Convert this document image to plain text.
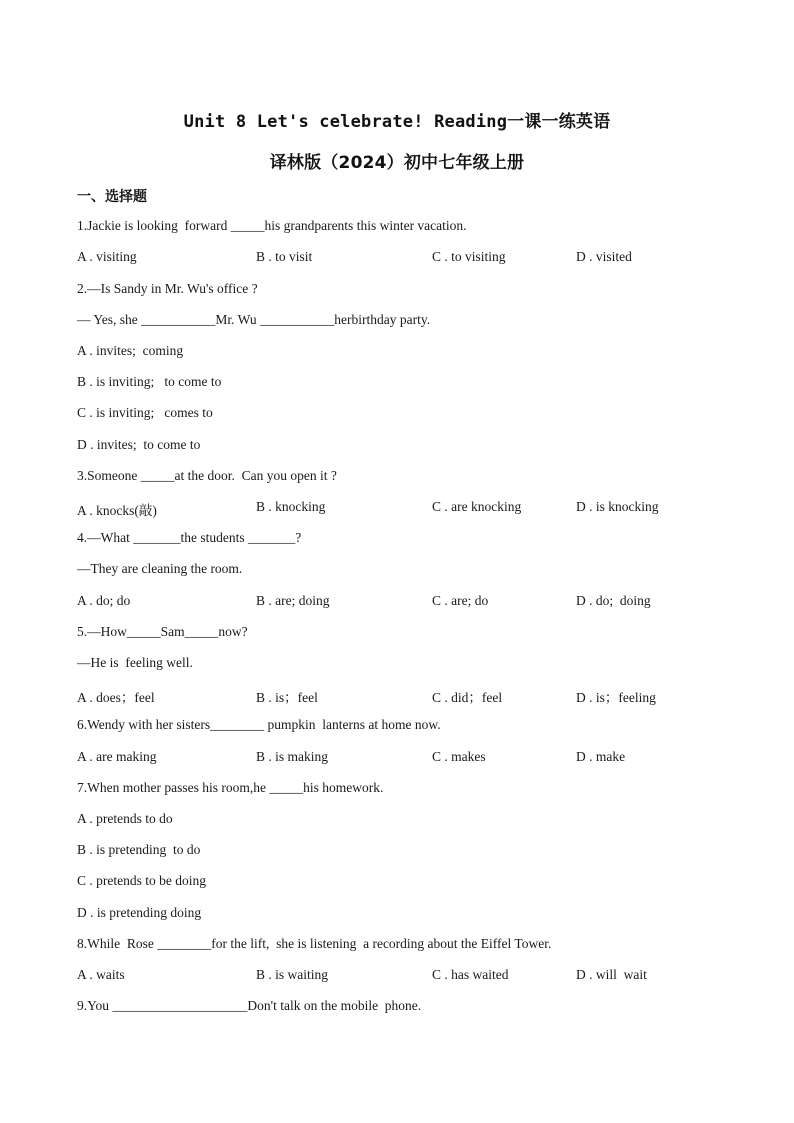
Unit 8 Let's celebrate! Reading一课一练英语
译林版（2024）初中七年级上册
一、选择题
1.Jackie is looking  forward _____his grandparents this winter vacation.
A . visiting	B . to visit	C . to visiting	D . visited
2.—Is Sandy in Mr. Wu's office ?
— Yes, she ___________Mr. Wu ___________herbirthday party.
A . invites;  coming
B . is inviting;   to come to
C . is inviting;   comes to
D . invites;  to come to
3.Someone _____at the door.  Can you open it ?
A . knocks(敲)	B . knocking	C . are knocking	D . is knocking
4.—What _______the students _______?
—They are cleaning the room.
A . do; do	B . are; doing	C . are; do	D . do;  doing
5.—How_____Sam_____now?
—He is  feeling well.
A . does；feel	B . is；feel	C . did；feel	D . is；feeling
6.Wendy with her sisters________ pumpkin  lanterns at home now.
A . are making	B . is making	C . makes	D . make
7.When mother passes his room,he _____his homework.
A . pretends to do
B . is pretending  to do
C . pretends to be doing
D . is pretending doing
8.While  Rose ________for the lift,  she is listening  a recording about the Eiffel Tower.
A . waits	B . is waiting	C . has waited	D . will  wait
9.You ____________________Don't talk on the mobile  phone.
